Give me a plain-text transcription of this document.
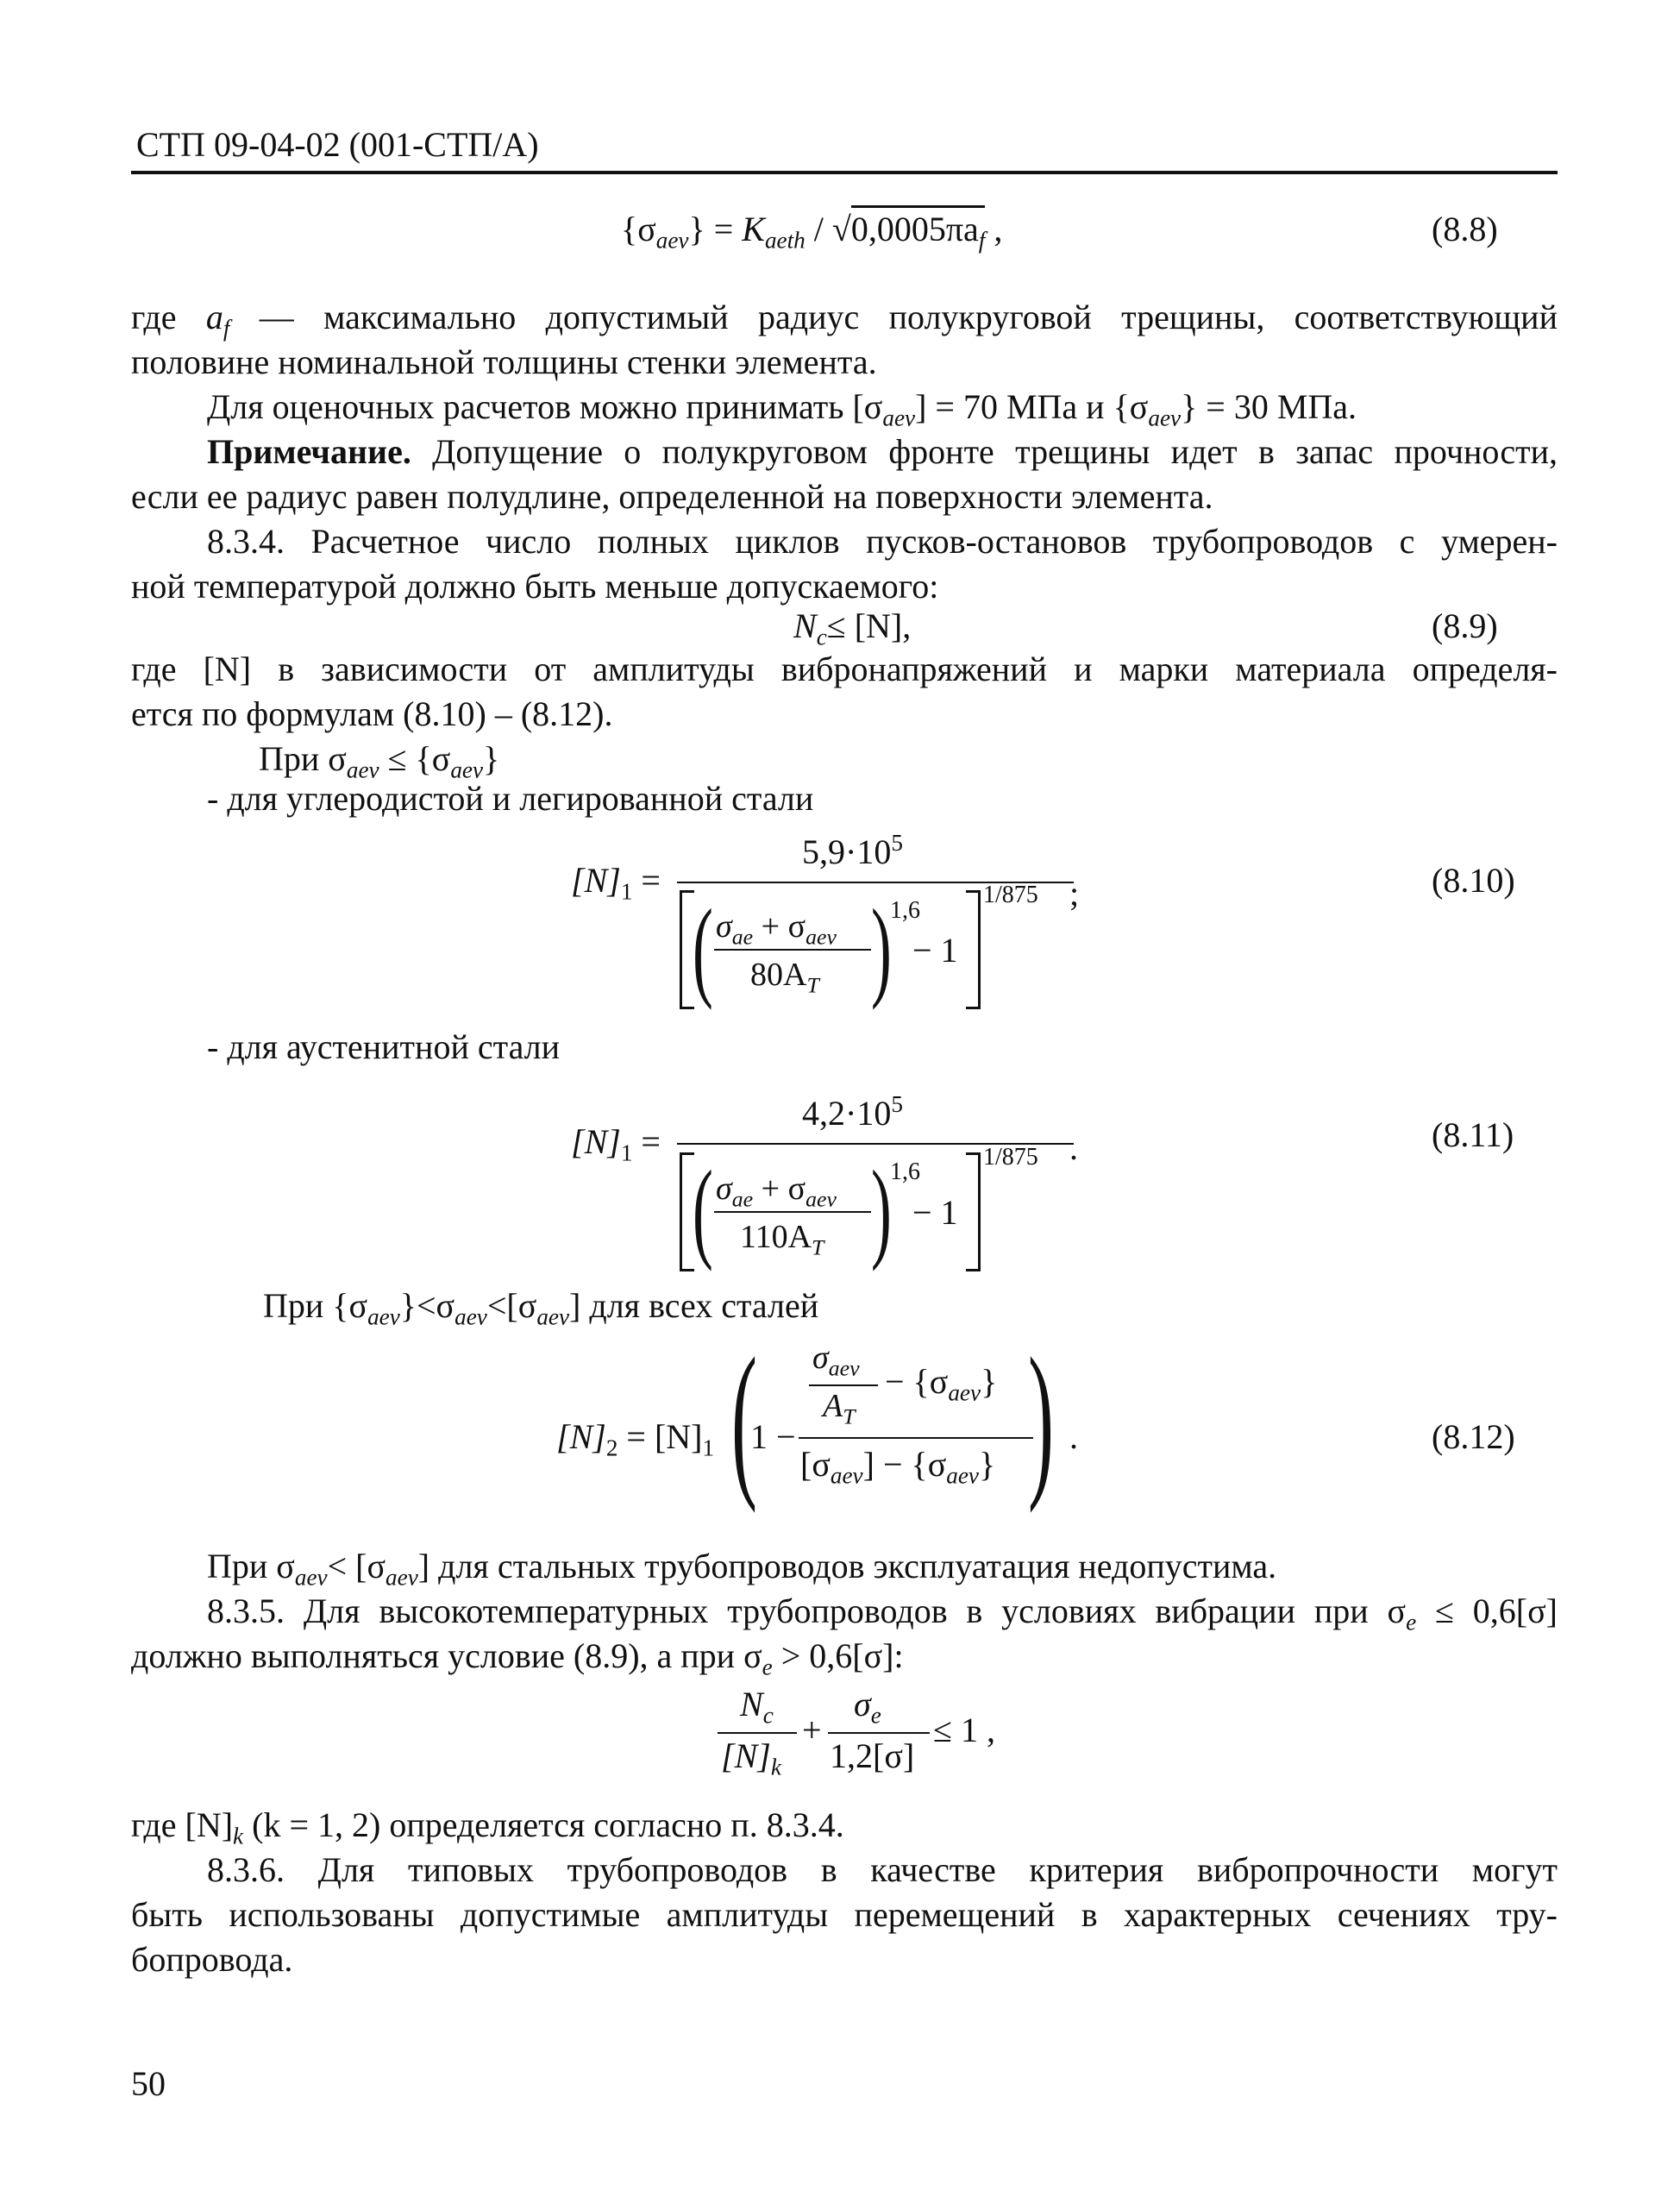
СТП 09-04-02 (001-СТП/А)
$\{\sigma_{aev}\} = K_{aeth} / √0,0005\pi a_f$ ,	(8.8)
где $a_f$ — максимально допустимый радиус полукруговой трещины, соответствующий
половине номинальной толщины стенки элемента.
Для оценочных расчетов можно принимать $[\sigma_{aev}] = 70$ МПа и $\{\sigma_{aev}\} = 30$ МПа.
Примечание. Допущение о полукруговом фронте трещины идет в запас прочности,
если ее радиус равен полудлине, определенной на поверхности элемента.
8.3.4. Расчетное число полных циклов пусков-остановов трубопроводов с умерен-
ной температурой должно быть меньше допускаемого:
$N_c\le [N]$,	(8.9)
где [N] в зависимости от амплитуды вибронапряжений и марки материала определя-
ется по формулам (8.10) – (8.12).
При $\sigma_{aev} \le \{\sigma_{aev}\}$
- для углеродистой и легированной стали
$[N]_1$ =
$5,9\cdot 10^5$
( $\sigma_{ae} + \sigma_{aev}$
$80A_T$ )
1,6
− 1
1/875 ;	(8.10)
- для аустенитной стали
$[N]_1$ =
$4,2\cdot 10^5$
( $\sigma_{ae} + \sigma_{aev}$
$110A_T$ )
1,6
− 1
1/875 .	(8.11)
При $\{\sigma_{aev}\}<\sigma_{aev}<[\sigma_{aev}]$ для всех сталей
$[N]_2 = [N]_1$ (
1 −
$\sigma_{aev}$
$A_T$
− $\{\sigma_{aev}\}$
$[\sigma_{aev}] - \{\sigma_{aev}\}$ ) .	(8.12)
При $\sigma_{aev}< [\sigma_{aev}]$ для стальных трубопроводов эксплуатация недопустима.
8.3.5. Для высокотемпературных трубопроводов в условиях вибрации при $\sigma_e \le 0,6[\sigma]$
должно выполняться условие (8.9), а при $\sigma_e > 0,6[\sigma]$:
$N_c$
$[N]_k$
+
$\sigma_e$
1,2[σ]
≤ 1 ,
где $[N]_k$ (k = 1, 2) определяется согласно п. 8.3.4.
8.3.6. Для типовых трубопроводов в качестве критерия вибропрочности могут
быть использованы допустимые амплитуды перемещений в характерных сечениях тру-
бопровода.
50
